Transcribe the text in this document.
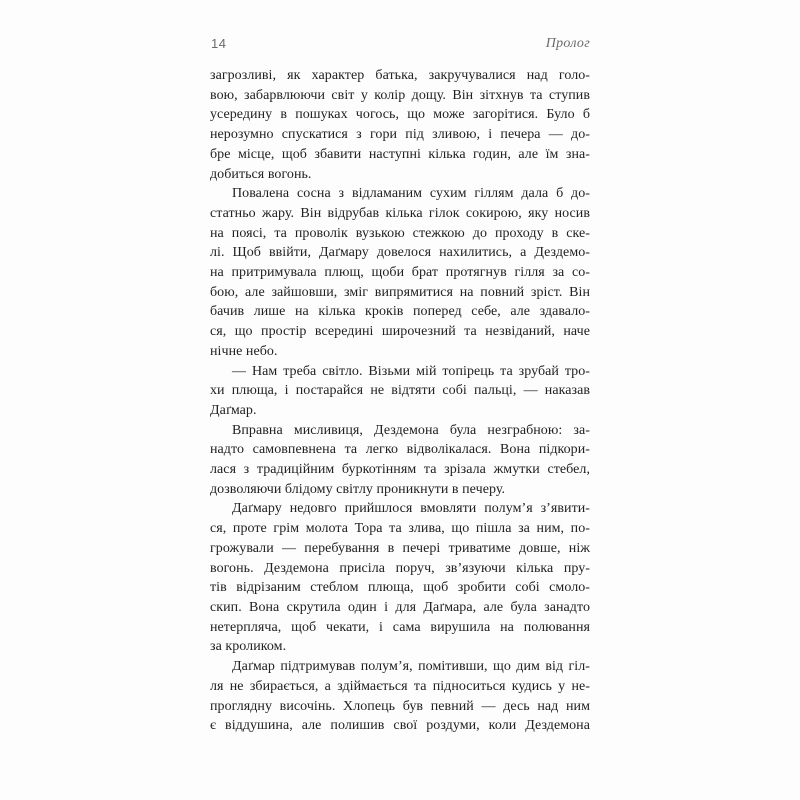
14	Пролог
загрозливі, як характер батька, закручувалися над голо-
вою, забарвлюючи світ у колір дощу. Він зітхнув та ступив
усередину в пошуках чогось, що може загорітися. Було б
нерозумно спускатися з гори під зливою, і печера — до-
бре місце, щоб збавити наступні кілька годин, але їм зна-
добиться вогонь.
Повалена сосна з відламаним сухим гіллям дала б до-
статньо жару. Він відрубав кілька гілок сокирою, яку носив
на поясі, та проволік вузькою стежкою до проходу в ске-
лі. Щоб ввійти, Даґмару довелося нахилитись, а Дездемо-
на притримувала плющ, щоби брат протягнув гілля за со-
бою, але зайшовши, зміг випрямитися на повний зріст. Він
бачив лише на кілька кроків поперед себе, але здавало-
ся, що простір всередині широчезний та незвіданий, наче
нічне небо.
— Нам треба світло. Візьми мій топірець та зрубай тро-
хи плюща, і постарайся не відтяти собі пальці, — наказав
Даґмар.
Вправна мисливиця, Дездемона була незграбною: за-
надто самовпевнена та легко відволікалася. Вона підкори-
лася з традиційним буркотінням та зрізала жмутки стебел,
дозволяючи блідому світлу проникнути в печеру.
Даґмару недовго прийшлося вмовляти полум’я з’явити-
ся, проте грім молота Тора та злива, що пішла за ним, по-
грожували — перебування в печері триватиме довше, ніж
вогонь. Дездемона присіла поруч, зв’язуючи кілька пру-
тів відрізаним стеблом плюща, щоб зробити собі смоло-
скип. Вона скрутила один і для Даґмара, але була занадто
нетерпляча, щоб чекати, і сама вирушила на полювання
за кроликом.
Даґмар підтримував полум’я, помітивши, що дим від гіл-
ля не збирається, а здіймається та підноситься кудись у не-
проглядну височінь. Хлопець був певний — десь над ним
є віддушина, але полишив свої роздуми, коли Дездемона
